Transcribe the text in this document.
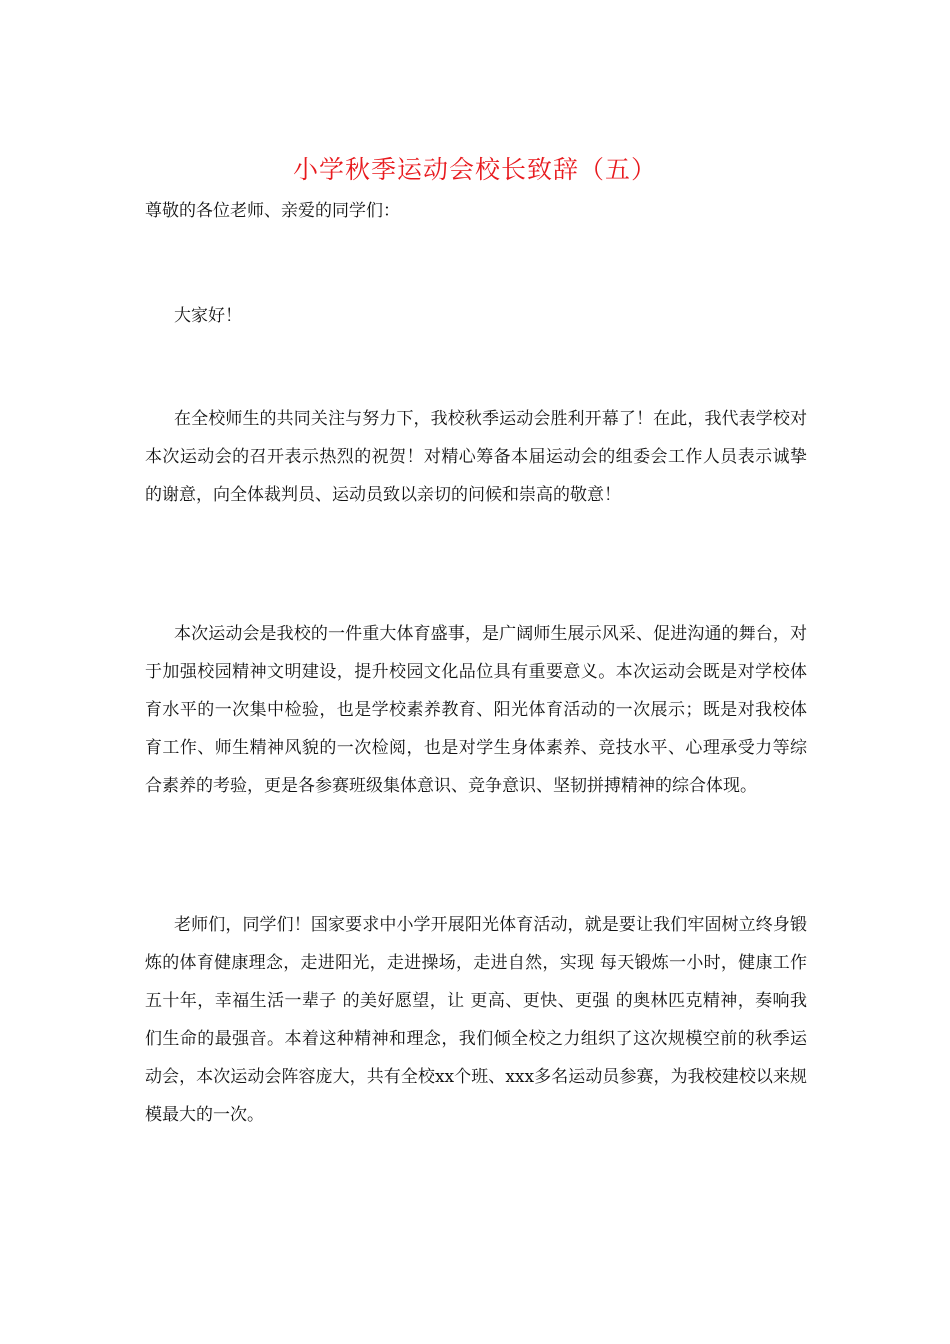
小学秋季运动会校长致辞（五）
尊敬的各位老师、亲爱的同学们：

大家好！

在全校师生的共同关注与努力下，我校秋季运动会胜利开幕了！在此，我代表学校对本次运动会的召开表示热烈的祝贺！对精心筹备本届运动会的组委会工作人员表示诚挚的谢意，向全体裁判员、运动员致以亲切的问候和崇高的敬意！

本次运动会是我校的一件重大体育盛事，是广阔师生展示风采、促进沟通的舞台，对于加强校园精神文明建设，提升校园文化品位具有重要意义。本次运动会既是对学校体育水平的一次集中检验，也是学校素养教育、阳光体育活动的一次展示；既是对我校体育工作、师生精神风貌的一次检阅，也是对学生身体素养、竞技水平、心理承受力等综合素养的考验，更是各参赛班级集体意识、竞争意识、坚韧拼搏精神的综合体现。

老师们，同学们！国家要求中小学开展阳光体育活动，就是要让我们牢固树立终身锻炼的体育健康理念，走进阳光，走进操场，走进自然，实现 每天锻炼一小时，健康工作五十年，幸福生活一辈子 的美好愿望，让 更高、更快、更强 的奥林匹克精神，奏响我们生命的最强音。本着这种精神和理念，我们倾全校之力组织了这次规模空前的秋季运动会，本次运动会阵容庞大，共有全校xx个班、xxx多名运动员参赛，为我校建校以来规模最大的一次。
